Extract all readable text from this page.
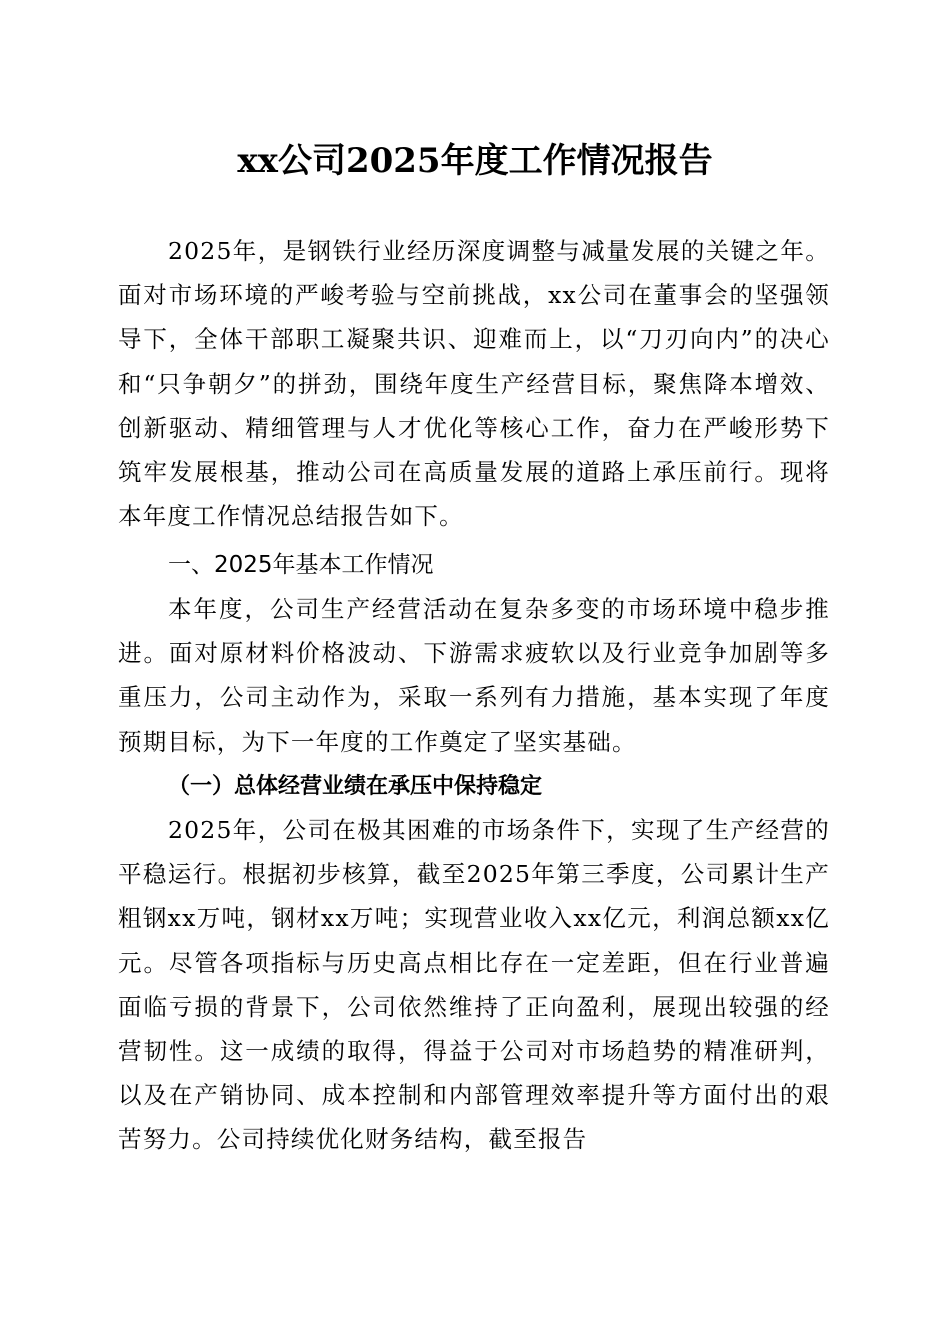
xx公司2025年度工作情况报告

2025年，是钢铁行业经历深度调整与减量发展的关键之年。面对市场环境的严峻考验与空前挑战，xx公司在董事会的坚强领导下，全体干部职工凝聚共识、迎难而上，以“刀刃向内”的决心和“只争朝夕”的拼劲，围绕年度生产经营目标，聚焦降本增效、创新驱动、精细管理与人才优化等核心工作，奋力在严峻形势下筑牢发展根基，推动公司在高质量发展的道路上承压前行。现将本年度工作情况总结报告如下。

一、2025年基本工作情况

本年度，公司生产经营活动在复杂多变的市场环境中稳步推进。面对原材料价格波动、下游需求疲软以及行业竞争加剧等多重压力，公司主动作为，采取一系列有力措施，基本实现了年度预期目标，为下一年度的工作奠定了坚实基础。

（一）总体经营业绩在承压中保持稳定

2025年，公司在极其困难的市场条件下，实现了生产经营的平稳运行。根据初步核算，截至2025年第三季度，公司累计生产粗钢xx万吨，钢材xx万吨；实现营业收入xx亿元，利润总额xx亿元。尽管各项指标与历史高点相比存在一定差距，但在行业普遍面临亏损的背景下，公司依然维持了正向盈利，展现出较强的经营韧性。这一成绩的取得，得益于公司对市场趋势的精准研判，以及在产销协同、成本控制和内部管理效率提升等方面付出的艰苦努力。公司持续优化财务结构，截至报告
